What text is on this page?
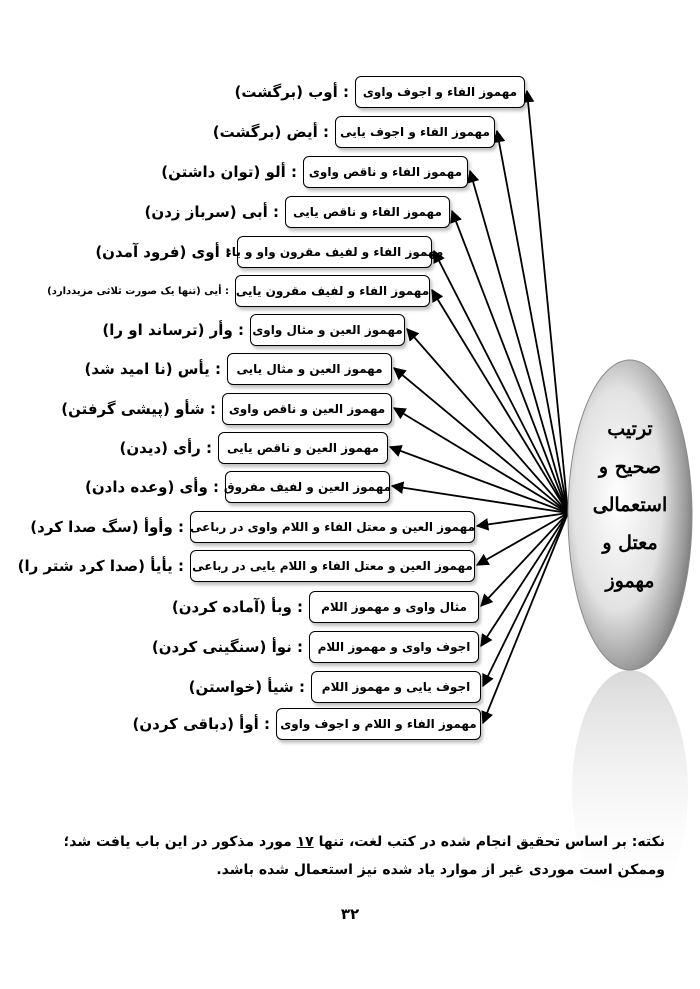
ترتیب
صحیح و
استعمالی
معتل و
مهموز
مهموز الفاء و اجوف واوی
: أوب (برگشت)
مهموز الفاء و اجوف یایی
: أيض (برگشت)
مهموز الفاء و ناقص واوی
: ألو (توان داشتن)
مهموز الفاء و ناقص یایی
: أبی (سرباز زدن)
مهموز الفاء و لفیف مقرون واو و یاء
: أوی (فرود آمدن)
مهموز الفاء و لفیف مقرون یایی
: أيی (تنها یک صورت ثلاثی مزیددارد)
مهموز العین و مثال واوی
: وأر (ترساند او را)
مهموز العین و مثال یایی
: يأس (نا امید شد)
مهموز العین و ناقص واوی
: شأو (پیشی گرفتن)
مهموز العین و ناقص یایی
: رأی (دیدن)
مهموز العین و لفیف مفروق
: وأی (وعده دادن)
مهموز العین و معتل الفاء و اللام واوی در رباعی
: وأوأ (سگ صدا کرد)
مهموز العین و معتل الفاء و اللام یایی در رباعی
: يأيأ (صدا کرد شتر را)
مثال واوی و مهموز اللام
: وبأ (آماده کردن)
اجوف واوی و مهموز اللام
: نوأ (سنگینی کردن)
اجوف یایی و مهموز اللام
: شيأ (خواستن)
مهموز الفاء و اللام و اجوف واوی
: أوأ (دباقی کردن)
نکته: بر اساس تحقیق انجام شده در کتب لغت، تنها ۱۷ مورد مذکور در این باب یافت شد؛ وممکن است موردی غیر از موارد یاد شده نیز استعمال شده باشد.
۳۲
